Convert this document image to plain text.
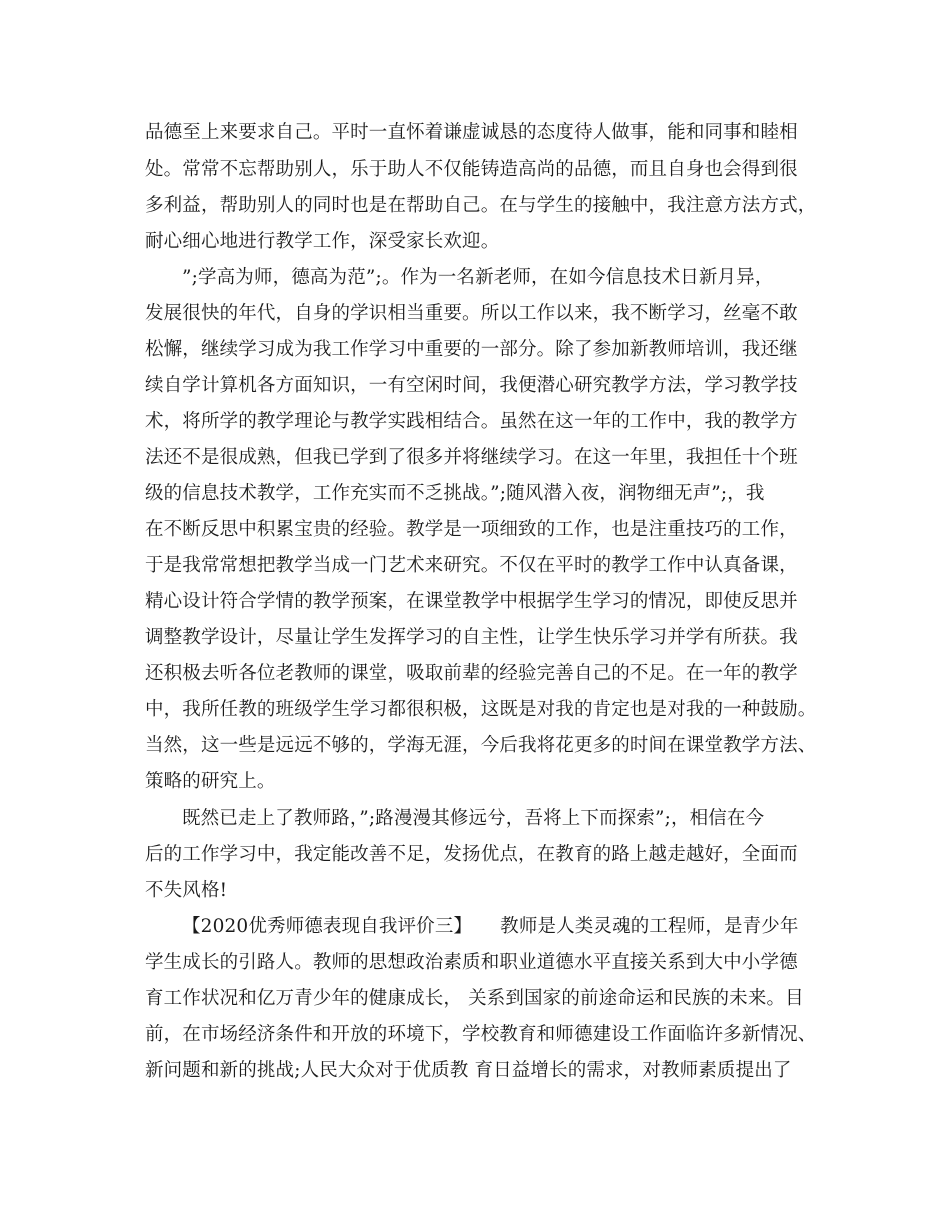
品德至上来要求自己。平时一直怀着谦虚诚恳的态度待人做事，能和同事和睦相
处。常常不忘帮助别人，乐于助人不仅能铸造高尚的品德，而且自身也会得到很
多利益，帮助别人的同时也是在帮助自己。在与学生的接触中，我注意方法方式，
耐心细心地进行教学工作，深受家长欢迎。
”;学高为师，德高为范”;。作为一名新老师，在如今信息技术日新月异，
发展很快的年代，自身的学识相当重要。所以工作以来，我不断学习，丝毫不敢
松懈，继续学习成为我工作学习中重要的一部分。除了参加新教师培训，我还继
续自学计算机各方面知识，一有空闲时间，我便潜心研究教学方法，学习教学技
术，将所学的教学理论与教学实践相结合。虽然在这一年的工作中，我的教学方
法还不是很成熟，但我已学到了很多并将继续学习。在这一年里，我担任十个班
级的信息技术教学，工作充实而不乏挑战。”;随风潜入夜，润物细无声”;，我
在不断反思中积累宝贵的经验。教学是一项细致的工作，也是注重技巧的工作，
于是我常常想把教学当成一门艺术来研究。不仅在平时的教学工作中认真备课，
精心设计符合学情的教学预案，在课堂教学中根据学生学习的情况，即使反思并
调整教学设计，尽量让学生发挥学习的自主性，让学生快乐学习并学有所获。我
还积极去听各位老教师的课堂，吸取前辈的经验完善自己的不足。在一年的教学
中，我所任教的班级学生学习都很积极，这既是对我的肯定也是对我的一种鼓励。
当然，这一些是远远不够的，学海无涯，今后我将花更多的时间在课堂教学方法、
策略的研究上。
既然已走上了教师路，”;路漫漫其修远兮，吾将上下而探索”;，相信在今
后的工作学习中，我定能改善不足，发扬优点，在教育的路上越走越好，全面而
不失风格!
【2020优秀师德表现自我评价三】　　教师是人类灵魂的工程师，是青少年
学生成长的引路人。教师的思想政治素质和职业道德水平直接关系到大中小学德
育工作状况和亿万青少年的健康成长， 关系到国家的前途命运和民族的未来。目
前，在市场经济条件和开放的环境下，学校教育和师德建设工作面临许多新情况、
新问题和新的挑战;人民大众对于优质教 育日益增长的需求，对教师素质提出了
